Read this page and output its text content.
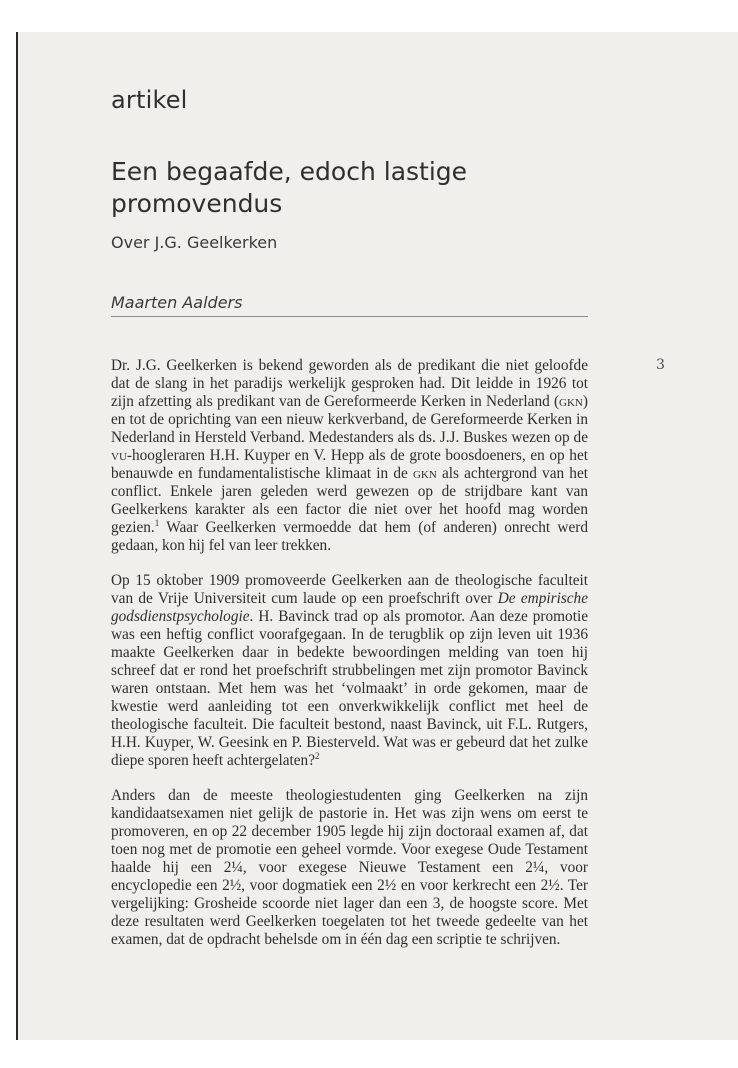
artikel
Een begaafde, edoch lastige promovendus
Over J.G. Geelkerken
Maarten Aalders
3

Dr. J.G. Geelkerken is bekend geworden als de predikant die niet geloofde dat de slang in het paradijs werkelijk gesproken had. Dit leidde in 1926 tot zijn afzetting als predikant van de Gereformeerde Kerken in Nederland (gkn) en tot de oprichting van een nieuw kerkverband, de Gereformeerde Kerken in Nederland in Hersteld Verband. Medestanders als ds. J.J. Buskes wezen op de vu-hoogleraren H.H. Kuyper en V. Hepp als de grote boosdoeners, en op het benauwde en fundamentalistische klimaat in de gkn als achtergrond van het conflict. Enkele jaren geleden werd gewezen op de strijdbare kant van Geelkerkens karakter als een factor die niet over het hoofd mag worden gezien.$^1$ Waar Geelkerken vermoedde dat hem (of anderen) onrecht werd gedaan, kon hij fel van leer trekken.

Op 15 oktober 1909 promoveerde Geelkerken aan de theologische faculteit van de Vrije Universiteit cum laude op een proefschrift over De empirische godsdienstpsychologie. H. Bavinck trad op als promotor. Aan deze promotie was een heftig conflict voorafgegaan. In de terugblik op zijn leven uit 1936 maakte Geelkerken daar in bedekte bewoordingen melding van toen hij schreef dat er rond het proefschrift strubbelingen met zijn promotor Bavinck waren ontstaan. Met hem was het ‘volmaakt’ in orde gekomen, maar de kwestie werd aanleiding tot een onverkwikkelijk conflict met heel de theologische faculteit. Die faculteit bestond, naast Bavinck, uit F.L. Rutgers, H.H. Kuyper, W. Geesink en P. Biesterveld. Wat was er gebeurd dat het zulke diepe sporen heeft achtergelaten?$^2$

Anders dan de meeste theologiestudenten ging Geelkerken na zijn kandidaatsexamen niet gelijk de pastorie in. Het was zijn wens om eerst te promoveren, en op 22 december 1905 legde hij zijn doctoraal examen af, dat toen nog met de promotie een geheel vormde. Voor exegese Oude Testament haalde hij een 2¼, voor exegese Nieuwe Testament een 2¼, voor encyclopedie een 2½, voor dogmatiek een 2½ en voor kerkrecht een 2½. Ter vergelijking: Grosheide scoorde niet lager dan een 3, de hoogste score. Met deze resultaten werd Geelkerken toegelaten tot het tweede gedeelte van het examen, dat de opdracht behelsde om in één dag een scriptie te schrijven.
